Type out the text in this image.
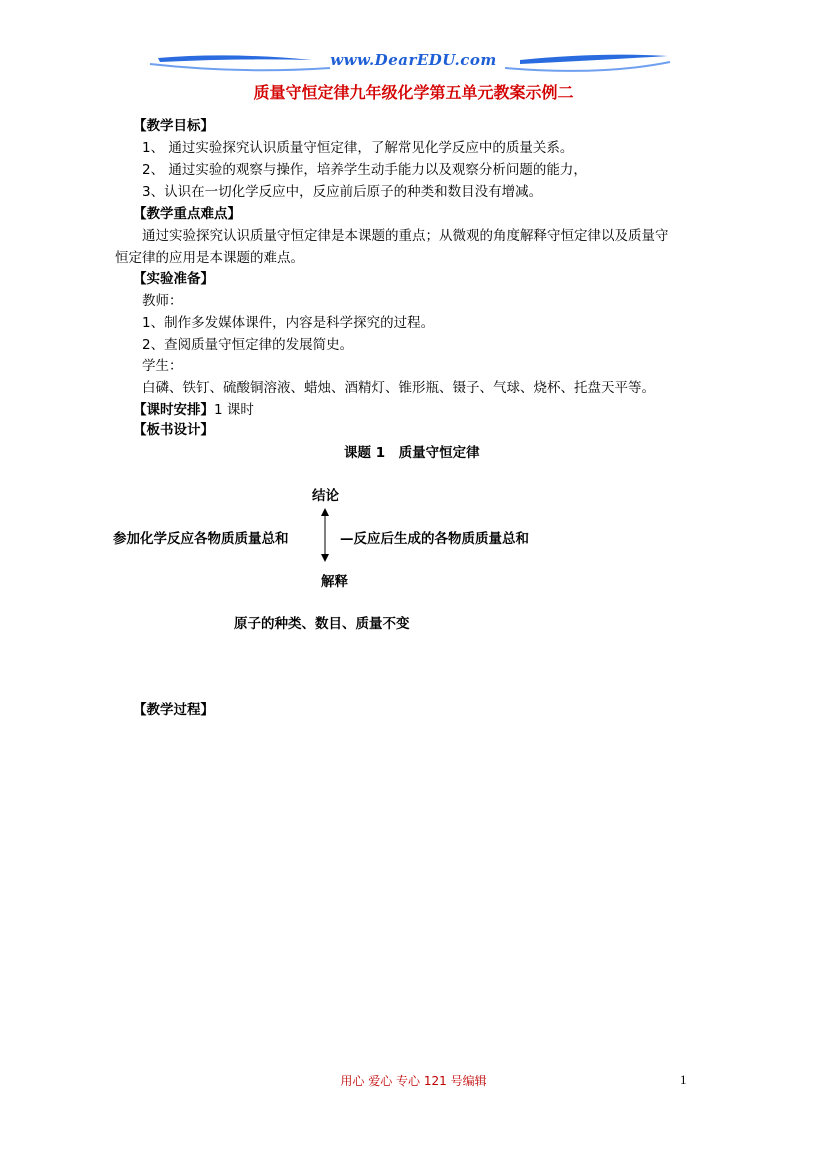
www.DearEDU.com
质量守恒定律九年级化学第五单元教案示例二
【教学目标】
1、 通过实验探究认识质量守恒定律，了解常见化学反应中的质量关系。
2、 通过实验的观察与操作，培养学生动手能力以及观察分析问题的能力，
3、认识在一切化学反应中，反应前后原子的种类和数目没有增减。
【教学重点难点】
通过实验探究认识质量守恒定律是本课题的重点；从微观的角度解释守恒定律以及质量守
恒定律的应用是本课题的难点。
【实验准备】
教师：
1、制作多发媒体课件，内容是科学探究的过程。
2、查阅质量守恒定律的发展简史。
学生：
白磷、铁钉、硫酸铜溶液、蜡烛、酒精灯、锥形瓶、镊子、气球、烧杯、托盘天平等。
【课时安排】1 课时
【板书设计】
课题 1　质量守恒定律
结论
参加化学反应各物质质量总和	—反应后生成的各物质质量总和
解释
原子的种类、数目、质量不变
【教学过程】
用心 爱心 专心 121 号编辑	1
